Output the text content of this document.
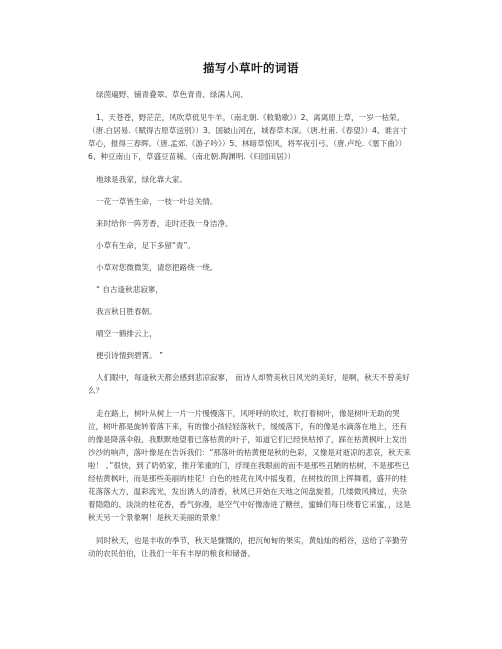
描写小草叶的词语

绿茵遍野、铺青叠翠、草色青青、绿满人间、

1、天苍苍，野茫茫，风吹草低见牛羊。（南北朝.《敕勒歌》）2、离离原上草，一岁一枯荣。（唐.白居易.《赋得古原草送别》）3、国破山河在，城春草木深。（唐.杜甫.《春望》）4、谁言寸草心，报得三春晖。（唐.孟郊.《游子吟》）5、林暗草惊风，将军夜引弓。（唐.卢纶.《塞下曲》）6、种豆南山下，草盛豆苗稀。（南北朝.陶渊明.《归园田居》）

地球是我家，绿化靠大家。

一花一草皆生命，一枝一叶总关情。

来时给你一阵芳香，走时还我一身洁净。

小草有生命，足下多留“青”。

小草对您微微笑，请您把路绕一绕。

“ 自古逢秋悲寂寥，

我言秋日胜春朝。

晴空一鹤排云上，

便引诗情到碧霄。 ”

人们眼中，每逢秋天都会感到悲凉寂寥， 而诗人却赞美秋日风光的美好，是啊，秋天不曾美好么？

走在路上，树叶从树上一片一片慢慢落下，风呼呼的吹过，吹打着树叶，像是树叶无助的哭泣，树叶都是旋转着落下来，有的像小孩轻轻落秋千，缓缓落下，有的像是水滴落在地上，还有的像是降落伞般，我默默地望着已落枯黄的叶子，知道它们已经快枯掉了，踩在枯黄枫叶上发出沙沙的响声，落叶像是在告诉我们：“那落叶的枯黄便是秋的色彩，又像是对逝凉的悲哀，秋天来啦！ 。”很快，到了奶奶家，推开笨重的门，浮现在我眼前的而不是那些丑陋的枯树，不是那些已经枯黄枫叶，而是那些美丽的桂花！白色的桂花在风中摇曳着，在树枝的顶上挥舞着，盛开的桂花落落大方，温彩流光，发出诱人的清香，秋风已开始在天地之间盘旋着，几缕微风拂过，夹杂着隐隐的、淡淡的桂花香，香气弥漫，是空气中好像渗进了糖丝，蜜蜂们每日绕着它采蜜，，这是秋天另一个景象啊！是秋天美丽的景象！

同时秋天，也是丰收的季节，秋天是慷慨的，把沉甸甸的果实，黄灿灿的稻谷，送给了辛勤劳动的农民伯伯，让我们一年有丰厚的粮食和储备。
